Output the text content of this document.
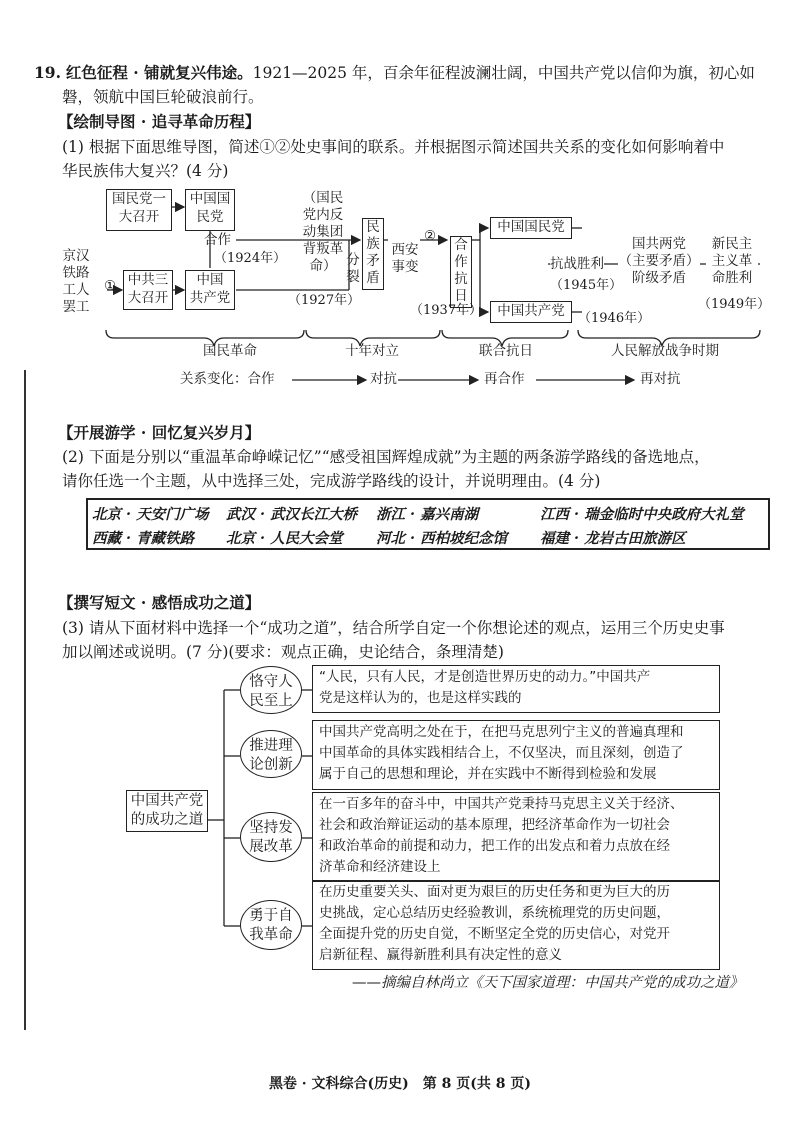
19. 红色征程 · 铺就复兴伟途。1921—2025 年，百余年征程波澜壮阔，中国共产党以信仰为旗，初心如
磐，领航中国巨轮破浪前行。
【绘制导图 · 追寻革命历程】
(1) 根据下面思维导图，简述①②处史事间的联系。并根据图示简述国共关系的变化如何影响着中
华民族伟大复兴？(4 分)
国民党一
大召开
中国国
民党
合作
（1924年）
京汉
铁路
工人
罢工
① 中共三
大召开
中国
共产党
（国民
党内反
动集团
背叛革
命）
（1927年）
分
裂
民
族
矛
盾
西安
事变
②
合
作
抗
日
（1937年）
中国国民党
中国共产党	（1946年）
抗战胜利
（1945年）
国共两党
（主要矛盾）
阶级矛盾
新民主
主义革
命胜利
（1949年）
国民革命	十年对立	联合抗日	人民解放战争时期
关系变化：合作	对抗	再合作	再对抗
【开展游学 · 回忆复兴岁月】
(2) 下面是分别以“重温革命峥嵘记忆”“感受祖国辉煌成就”为主题的两条游学路线的备选地点，
请你任选一个主题，从中选择三处，完成游学路线的设计，并说明理由。(4 分)
北京 · 天安门广场 武汉 · 武汉长江大桥 浙江 · 嘉兴南湖	江西 · 瑞金临时中央政府大礼堂
西藏 · 青藏铁路 北京 · 人民大会堂 河北 · 西柏坡纪念馆 福建 · 龙岩古田旅游区
【撰写短文 · 感悟成功之道】
(3) 请从下面材料中选择一个“成功之道”，结合所学自定一个你想论述的观点，运用三个历史史事
加以阐述或说明。(7 分)(要求：观点正确，史论结合，条理清楚)
中国共产党
的成功之道
恪守人
民至上
“人民，只有人民，才是创造世界历史的动力。”中国共产
党是这样认为的，也是这样实践的
推进理
论创新
中国共产党高明之处在于，在把马克思列宁主义的普遍真理和
中国革命的具体实践相结合上，不仅坚决，而且深刻，创造了
属于自己的思想和理论，并在实践中不断得到检验和发展
坚持发
展改革
在一百多年的奋斗中，中国共产党秉持马克思主义关于经济、
社会和政治辩证运动的基本原理，把经济革命作为一切社会
和政治革命的前提和动力，把工作的出发点和着力点放在经
济革命和经济建设上
勇于自
我革命
在历史重要关头、面对更为艰巨的历史任务和更为巨大的历
史挑战，定心总结历史经验教训，系统梳理党的历史问题，
全面提升党的历史自觉，不断坚定全党的历史信心，对党开
启新征程、赢得新胜利具有决定性的意义
——摘编自林尚立《天下国家道理：中国共产党的成功之道》
黑卷 · 文科综合(历史)　第 8 页(共 8 页)
